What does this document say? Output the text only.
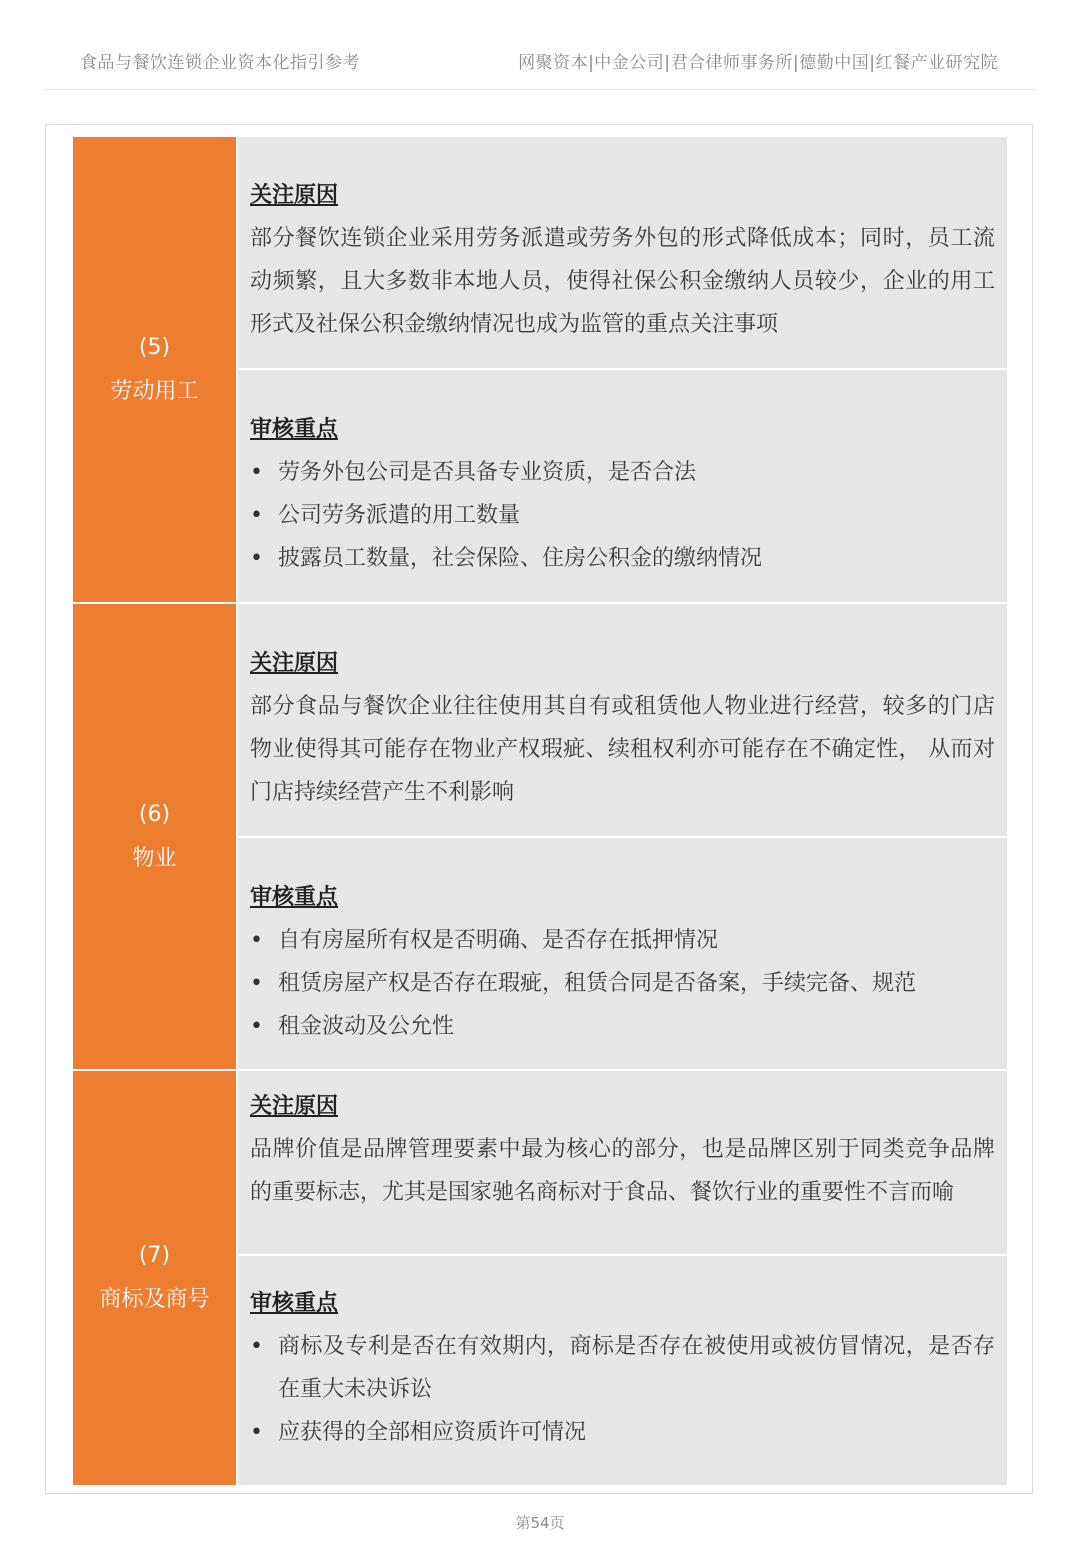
食品与餐饮连锁企业资本化指引参考	网聚资本|中金公司|君合律师事务所|德勤中国|红餐产业研究院
(5)
劳动用工
关注原因

部分餐饮连锁企业采用劳务派遣或劳务外包的形式降低成本；同时，员工流动频繁，且大多数非本地人员，使得社保公积金缴纳人员较少，企业的用工形式及社保公积金缴纳情况也成为监管的重点关注事项

审核重点
• 劳务外包公司是否具备专业资质，是否合法
• 公司劳务派遣的用工数量
• 披露员工数量，社会保险、住房公积金的缴纳情况
(6)
物业
关注原因

部分食品与餐饮企业往往使用其自有或租赁他人物业进行经营，较多的门店物业使得其可能存在物业产权瑕疵、续租权利亦可能存在不确定性， 从而对门店持续经营产生不利影响

审核重点
• 自有房屋所有权是否明确、是否存在抵押情况
• 租赁房屋产权是否存在瑕疵，租赁合同是否备案，手续完备、规范
• 租金波动及公允性
(7)
商标及商号
关注原因

品牌价值是品牌管理要素中最为核心的部分，也是品牌区别于同类竞争品牌的重要标志，尤其是国家驰名商标对于食品、餐饮行业的重要性不言而喻

审核重点
• 商标及专利是否在有效期内，商标是否存在被使用或被仿冒情况，是否存在重大未决诉讼
• 应获得的全部相应资质许可情况
第54页
